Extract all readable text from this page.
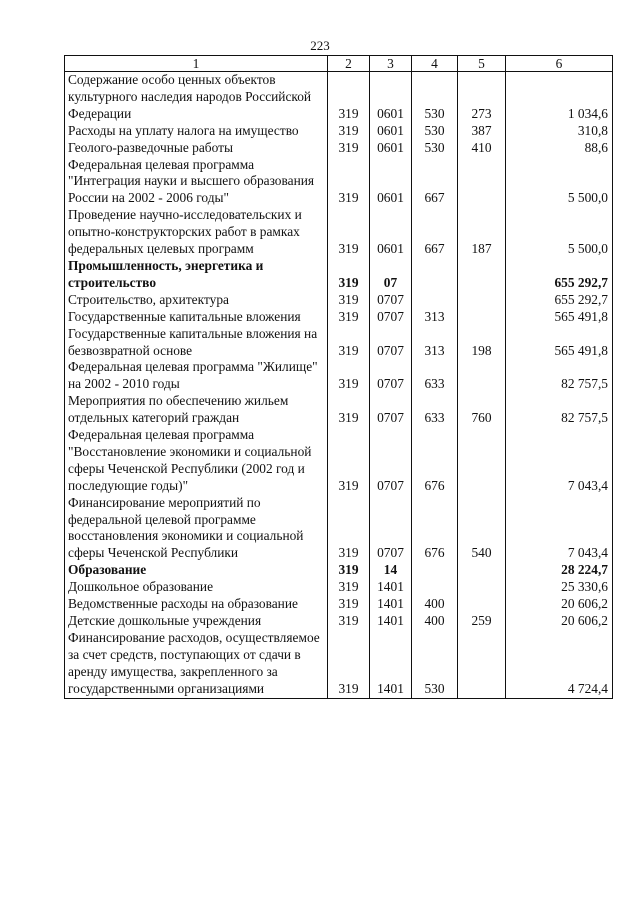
223
1	2	3	4	5	6
Содержание особо ценных объектов культурного наследия народов Российской Федерации	319	0601	530	273	1 034,6
Расходы на уплату налога на имущество	319	0601	530	387	310,8
Геолого-разведочные работы	319	0601	530	410	88,6
Федеральная целевая программа "Интеграция науки и высшего образования России на 2002 - 2006 годы"	319	0601	667		5 500,0
Проведение научно-исследовательских и опытно-конструкторских работ в рамках федеральных целевых программ	319	0601	667	187	5 500,0
Промышленность, энергетика и строительство	319	07			655 292,7
Строительство, архитектура	319	0707			655 292,7
Государственные капитальные вложения	319	0707	313		565 491,8
Государственные капитальные вложения на безвозвратной основе	319	0707	313	198	565 491,8
Федеральная целевая программа "Жилище" на 2002 - 2010 годы	319	0707	633		82 757,5
Мероприятия по обеспечению жильем отдельных категорий граждан	319	0707	633	760	82 757,5
Федеральная целевая программа "Восстановление экономики и социальной сферы Чеченской Республики (2002 год и последующие годы)"	319	0707	676		7 043,4
Финансирование мероприятий по федеральной целевой программе восстановления экономики и социальной сферы Чеченской Республики	319	0707	676	540	7 043,4
Образование	319	14			28 224,7
Дошкольное образование	319	1401			25 330,6
Ведомственные расходы на образование	319	1401	400		20 606,2
Детские дошкольные учреждения	319	1401	400	259	20 606,2
Финансирование расходов, осуществляемое за счет средств, поступающих от сдачи в аренду имущества, закрепленного за государственными организациями	319	1401	530		4 724,4
